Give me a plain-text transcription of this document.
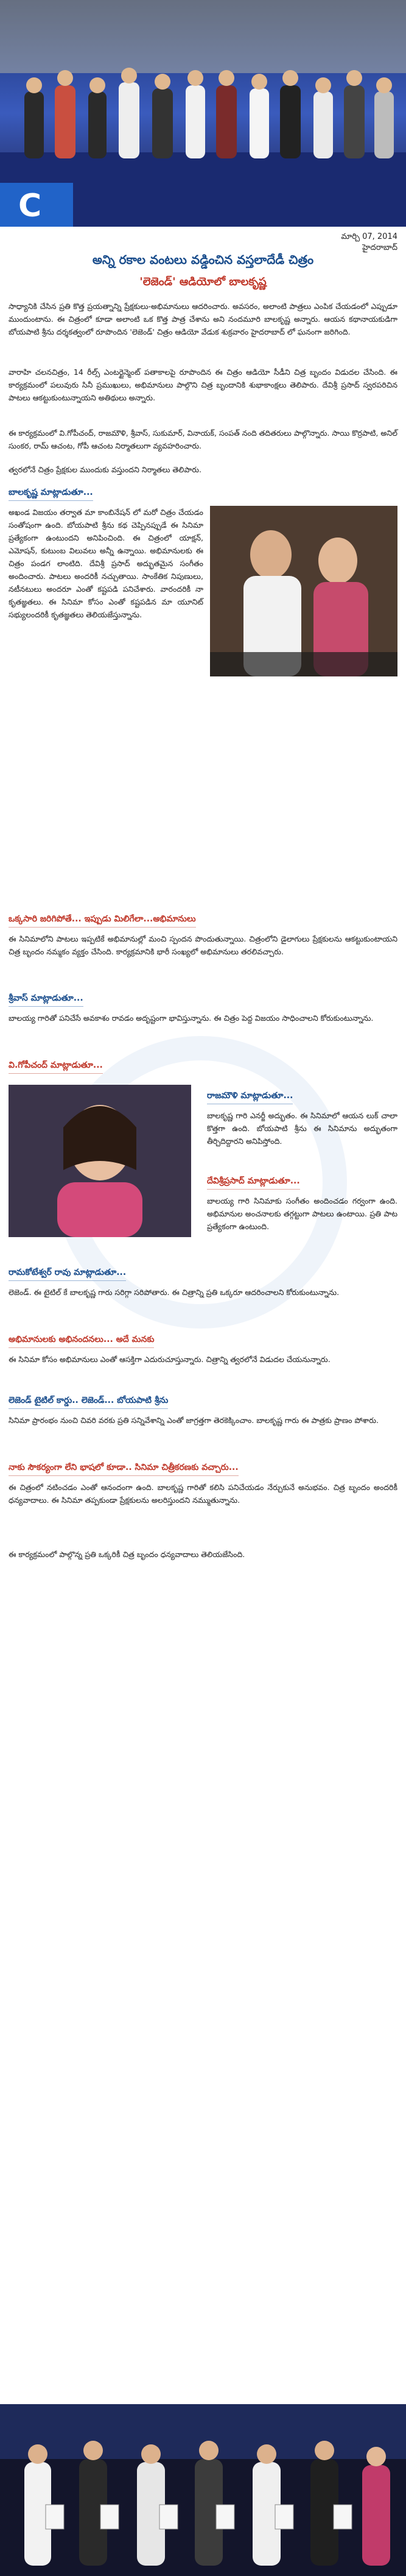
C
మార్చి 07, 2014
హైదరాబాద్
అన్ని రకాల వంటలు వడ్డించిన వస్తలాదేడీ చిత్రం
'లెజెండ్' ఆడియోలో బాలకృష్ణ
సాధ్యానికి చేసిన ప్రతి కొత్త ప్రయత్నాన్ని ప్రేక్షకులు-అభిమానులు ఆదరించారు. అవసరం, అలాంటి పాత్రలు ఎంపిక చేయడంలో ఎప్పుడూ ముందుంటాను. ఈ చిత్రంలో కూడా అలాంటి ఒక కొత్త పాత్ర చేశాను అని నందమూరి బాలకృష్ణ అన్నారు. ఆయన కథానాయకుడిగా బోయపాటి శ్రీను దర్శకత్వంలో రూపొందిన 'లెజెండ్' చిత్రం ఆడియో వేడుక శుక్రవారం హైదరాబాద్ లో ఘనంగా జరిగింది.
వారాహి చలనచిత్రం, 14 రీల్స్ ఎంటర్టైన్మెంట్ పతాకాలపై రూపొందిన ఈ చిత్రం ఆడియో సీడీని చిత్ర బృందం విడుదల చేసింది. ఈ కార్యక్రమంలో పలువురు సినీ ప్రముఖులు, అభిమానులు పాల్గొని చిత్ర బృందానికి శుభాకాంక్షలు తెలిపారు. దేవిశ్రీ ప్రసాద్ స్వరపరిచిన పాటలు ఆకట్టుకుంటున్నాయని అతిథులు అన్నారు.
ఈ కార్యక్రమంలో వి.గోపీచంద్, రాజమౌళి, శ్రీవాస్, సుకుమార్, వినాయక్, సంపత్ నంది తదితరులు పాల్గొన్నారు. సాయి కొర్రపాటి, అనిల్ సుంకర, రామ్ ఆచంట, గోపీ ఆచంట నిర్మాతలుగా వ్యవహరించారు.
త్వరలోనే చిత్రం ప్రేక్షకుల ముందుకు వస్తుందని నిర్మాతలు తెలిపారు.
బాలకృష్ణ మాట్లాడుతూ...
అఖండ విజయం తర్వాత మా కాంబినేషన్ లో మరో చిత్రం చేయడం సంతోషంగా ఉంది. బోయపాటి శ్రీను కథ చెప్పినప్పుడే ఈ సినిమా ప్రత్యేకంగా ఉంటుందని అనిపించింది. ఈ చిత్రంలో యాక్షన్, ఎమోషన్, కుటుంబ విలువలు అన్నీ ఉన్నాయి. అభిమానులకు ఈ చిత్రం పండగ లాంటిది. దేవిశ్రీ ప్రసాద్ అద్భుతమైన సంగీతం అందించారు. పాటలు అందరికీ నచ్చుతాయి. సాంకేతిక నిపుణులు, నటీనటులు అందరూ ఎంతో కష్టపడి పనిచేశారు. వారందరికీ నా కృతజ్ఞతలు. ఈ సినిమా కోసం ఎంతో కష్టపడిన మా యూనిట్ సభ్యులందరికీ కృతజ్ఞతలు తెలియజేస్తున్నాను.
ఒక్కసారి జరిగిపోతే... ఇప్పుడు మిలిగేలా...అభిమానులు
ఈ సినిమాలోని పాటలు ఇప్పటికే అభిమానుల్లో మంచి స్పందన పొందుతున్నాయి. చిత్రంలోని డైలాగులు ప్రేక్షకులను ఆకట్టుకుంటాయని చిత్ర బృందం నమ్మకం వ్యక్తం చేసింది. కార్యక్రమానికి భారీ సంఖ్యలో అభిమానులు తరలివచ్చారు.
శ్రీవాస్ మాట్లాడుతూ...
బాలయ్య గారితో పనిచేసే అవకాశం రావడం అదృష్టంగా భావిస్తున్నాను. ఈ చిత్రం పెద్ద విజయం సాధించాలని కోరుకుంటున్నాను.
వి.గోపీచంద్ మాట్లాడుతూ...
రాజమౌళి మాట్లాడుతూ...
బాలకృష్ణ గారి ఎనర్జీ అద్భుతం. ఈ సినిమాలో ఆయన లుక్ చాలా కొత్తగా ఉంది. బోయపాటి శ్రీను ఈ సినిమాను అద్భుతంగా తీర్చిదిద్దారని అనిపిస్తోంది.
దేవిశ్రీప్రసాద్ మాట్లాడుతూ...
బాలయ్య గారి సినిమాకు సంగీతం అందించడం గర్వంగా ఉంది. అభిమానుల అంచనాలకు తగ్గట్టుగా పాటలు ఉంటాయి. ప్రతి పాట ప్రత్యేకంగా ఉంటుంది.
రామకోటేశ్వర్ రావు మాట్లాడుతూ...
లెజెండ్. ఈ టైటిల్ కే బాలకృష్ణ గారు సరిగ్గా సరిపోతారు. ఈ చిత్రాన్ని ప్రతి ఒక్కరూ ఆదరించాలని కోరుకుంటున్నాను.
అభిమానులకు అభినందనలు... అదే మనకు
ఈ సినిమా కోసం అభిమానులు ఎంతో ఆసక్తిగా ఎదురుచూస్తున్నారు. చిత్రాన్ని త్వరలోనే విడుదల చేయనున్నారు.
లెజెండ్ టైటిల్ కార్డు.. లెజెండ్... బోయపాటి శ్రీను
సినిమా ప్రారంభం నుంచి చివరి వరకు ప్రతి సన్నివేశాన్ని ఎంతో జాగ్రత్తగా తెరకెక్కించాం. బాలకృష్ణ గారు ఈ పాత్రకు ప్రాణం పోశారు.
నాకు సౌకర్యంగా లేని భాషలో కూడా.. సినిమా చిత్రీకరణకు వచ్చారు...
ఈ చిత్రంలో నటించడం ఎంతో ఆనందంగా ఉంది. బాలకృష్ణ గారితో కలిసి పనిచేయడం నేర్చుకునే అనుభవం. చిత్ర బృందం అందరికీ ధన్యవాదాలు. ఈ సినిమా తప్పకుండా ప్రేక్షకులను అలరిస్తుందని నమ్ముతున్నాను.
ఈ కార్యక్రమంలో పాల్గొన్న ప్రతి ఒక్కరికీ చిత్ర బృందం ధన్యవాదాలు తెలియజేసింది.
